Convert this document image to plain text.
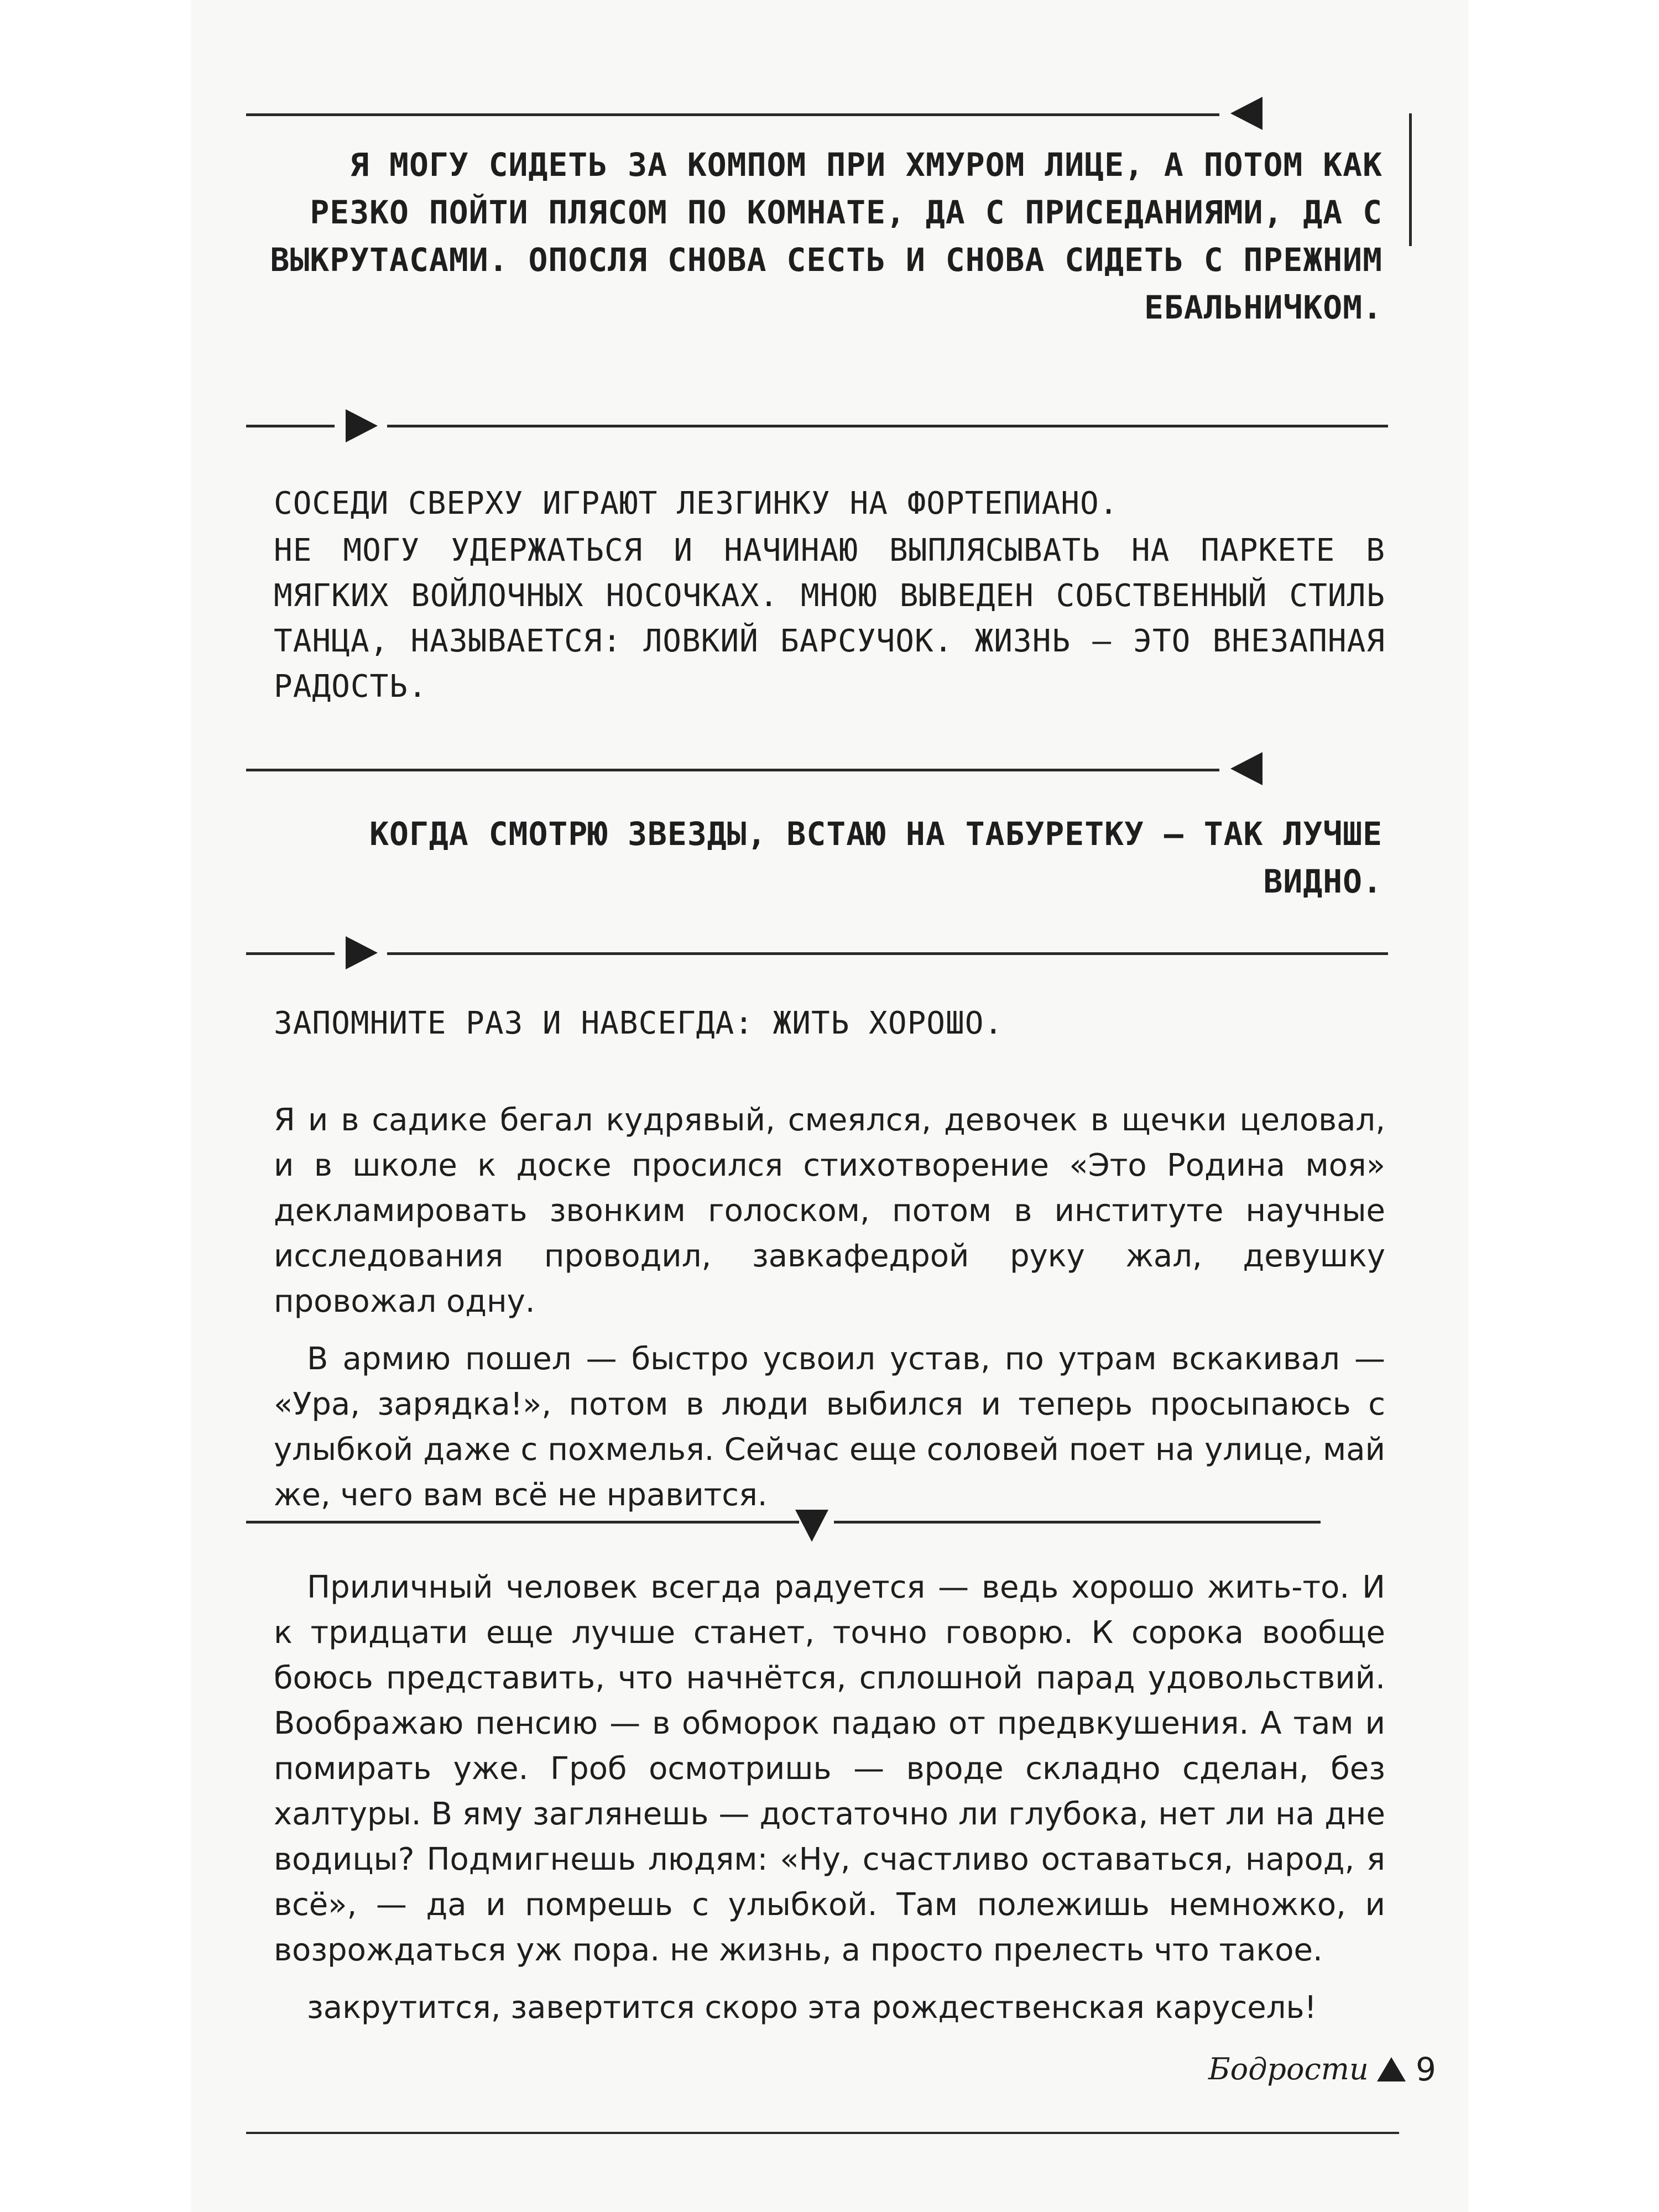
Я МОГУ СИДЕТЬ ЗА КОМПОМ ПРИ ХМУРОМ ЛИЦЕ, А ПОТОМ КАК РЕЗКО ПОЙТИ ПЛЯСОМ ПО КОМНАТЕ, ДА С ПРИСЕДАНИЯМИ, ДА С ВЫКРУТАСАМИ. ОПОСЛЯ СНОВА СЕСТЬ И СНОВА СИДЕТЬ С ПРЕЖНИМ ЕБАЛЬНИЧКОМ.
СОСЕДИ СВЕРХУ ИГРАЮТ ЛЕЗГИНКУ НА ФОРТЕПИАНО.
НЕ МОГУ УДЕРЖАТЬСЯ И НАЧИНАЮ ВЫПЛЯСЫВАТЬ НА ПАРКЕТЕ В МЯГКИХ ВОЙЛОЧНЫХ НОСОЧКАХ. МНОЮ ВЫВЕДЕН СОБСТВЕННЫЙ СТИЛЬ ТАНЦА, НАЗЫВАЕТСЯ: ЛОВКИЙ БАРСУЧОК. ЖИЗНЬ — ЭТО ВНЕЗАПНАЯ РАДОСТЬ.
КОГДА СМОТРЮ ЗВЕЗДЫ, ВСТАЮ НА ТАБУРЕТКУ — ТАК ЛУЧШЕ ВИДНО.
ЗАПОМНИТЕ РАЗ И НАВСЕГДА: ЖИТЬ ХОРОШО.

Я и в садике бегал кудрявый, смеялся, девочек в щечки целовал, и в школе к доске просился стихотворение «Это Родина моя» декламировать звонким голоском, потом в институте научные исследования проводил, завкафедрой руку жал, девушку провожал одну.

В армию пошел — быстро усвоил устав, по утрам вскакивал — «Ура, зарядка!», потом в люди выбился и теперь просыпаюсь с улыбкой даже с похмелья. Сейчас еще соловей поет на улице, май же, чего вам всё не нравится.

Приличный человек всегда радуется — ведь хорошо жить-то. И к тридцати еще лучше станет, точно говорю. К сорока вообще боюсь представить, что начнётся, сплошной парад удовольствий. Воображаю пенсию — в обморок падаю от предвкушения. А там и помирать уже. Гроб осмотришь — вроде складно сделан, без халтуры. В яму заглянешь — достаточно ли глубока, нет ли на дне водицы? Подмигнешь людям: «Ну, счастливо оставаться, народ, я всё», — да и помрешь с улыбкой. Там полежишь немножко, и возрождаться уж пора. не жизнь, а просто прелесть что такое.

закрутится, завертится скоро эта рождественская карусель!

Бодрости 9
